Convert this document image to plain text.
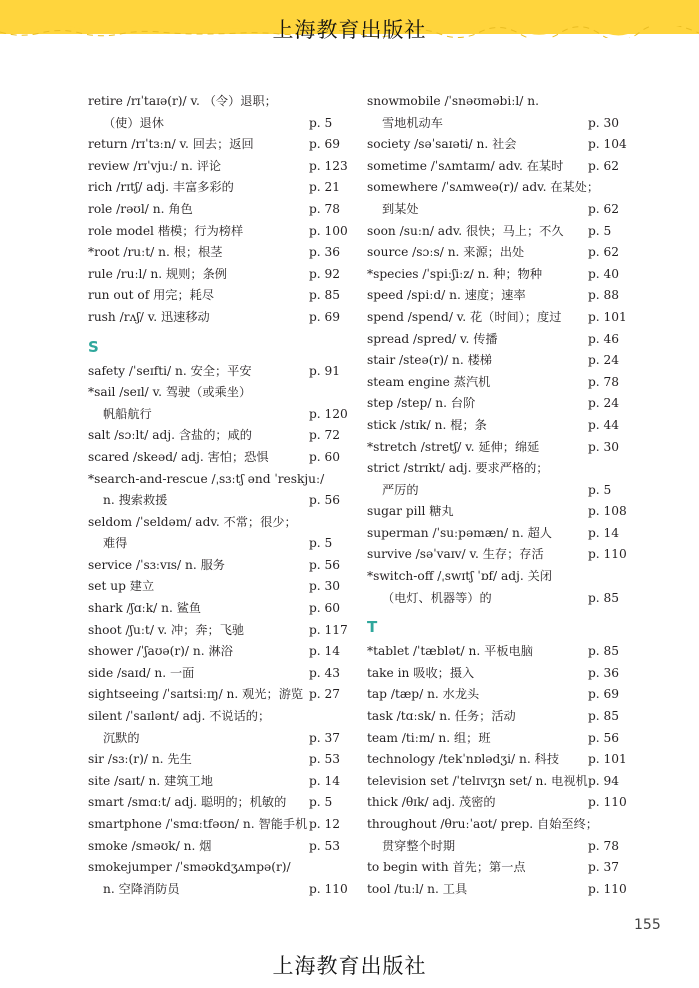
上海教育出版社
retire /rɪˈtaɪə(r)/ v. （令）退职；
（使）退休	p. 5
return /rɪˈtɜːn/ v. 回去；返回	p. 69
review /rɪˈvjuː/ n. 评论	p. 123
rich /rɪtʃ/ adj. 丰富多彩的	p. 21
role /rəʊl/ n. 角色	p. 78
role model 楷模；行为榜样	p. 100
*root /ruːt/ n. 根；根茎	p. 36
rule /ruːl/ n. 规则；条例	p. 92
run out of 用完；耗尽	p. 85
rush /rʌʃ/ v. 迅速移动	p. 69
S
safety /ˈseɪfti/ n. 安全；平安	p. 91
*sail /seɪl/ v. 驾驶（或乘坐）
帆船航行	p. 120
salt /sɔːlt/ adj. 含盐的；咸的	p. 72
scared /skeəd/ adj. 害怕；恐惧	p. 60
*search-and-rescue /ˌsɜːtʃ ənd ˈreskjuː/
n. 搜索救援	p. 56
seldom /ˈseldəm/ adv. 不常；很少；
难得	p. 5
service /ˈsɜːvɪs/ n. 服务	p. 56
set up 建立	p. 30
shark /ʃɑːk/ n. 鲨鱼	p. 60
shoot /ʃuːt/ v. 冲；奔；飞驰	p. 117
shower /ˈʃaʊə(r)/ n. 淋浴	p. 14
side /saɪd/ n. 一面	p. 43
sightseeing /ˈsaɪtsiːɪŋ/ n. 观光；游览 p. 27
silent /ˈsaɪlənt/ adj. 不说话的；
沉默的	p. 37
sir /sɜː(r)/ n. 先生	p. 53
site /saɪt/ n. 建筑工地	p. 14
smart /smɑːt/ adj. 聪明的；机敏的 p. 5
smartphone /ˈsmɑːtfəʊn/ n. 智能手机 p. 12
smoke /sməʊk/ n. 烟	p. 53
smokejumper /ˈsməʊkdʒʌmpə(r)/
n. 空降消防员	p. 110
snowmobile /ˈsnəʊməbiːl/ n.
雪地机动车	p. 30
society /səˈsaɪəti/ n. 社会	p. 104
sometime /ˈsʌmtaɪm/ adv. 在某时 p. 62
somewhere /ˈsʌmweə(r)/ adv. 在某处；
到某处	p. 62
soon /suːn/ adv. 很快；马上；不久 p. 5
source /sɔːs/ n. 来源；出处	p. 62
*species /ˈspiːʃiːz/ n. 种；物种	p. 40
speed /spiːd/ n. 速度；速率	p. 88
spend /spend/ v. 花（时间）；度过 p. 101
spread /spred/ v. 传播	p. 46
stair /steə(r)/ n. 楼梯	p. 24
steam engine 蒸汽机	p. 78
step /step/ n. 台阶	p. 24
stick /stɪk/ n. 棍；条	p. 44
*stretch /stretʃ/ v. 延伸；绵延	p. 30
strict /strɪkt/ adj. 要求严格的；
严厉的	p. 5
sugar pill 糖丸	p. 108
superman /ˈsuːpəmæn/ n. 超人	p. 14
survive /səˈvaɪv/ v. 生存；存活	p. 110
*switch-off /ˌswɪtʃ ˈɒf/ adj. 关闭
（电灯、机器等）的	p. 85
T
*tablet /ˈtæblət/ n. 平板电脑	p. 85
take in 吸收；摄入	p. 36
tap /tæp/ n. 水龙头	p. 69
task /tɑːsk/ n. 任务；活动	p. 85
team /tiːm/ n. 组；班	p. 56
technology /tekˈnɒlədʒi/ n. 科技 p. 101
television set /ˈtelɪvɪʒn set/ n. 电视机 p. 94
thick /θɪk/ adj. 茂密的	p. 110
throughout /θruːˈaʊt/ prep. 自始至终；
贯穿整个时期	p. 78
to begin with 首先；第一点	p. 37
tool /tuːl/ n. 工具	p. 110
155
上海教育出版社
